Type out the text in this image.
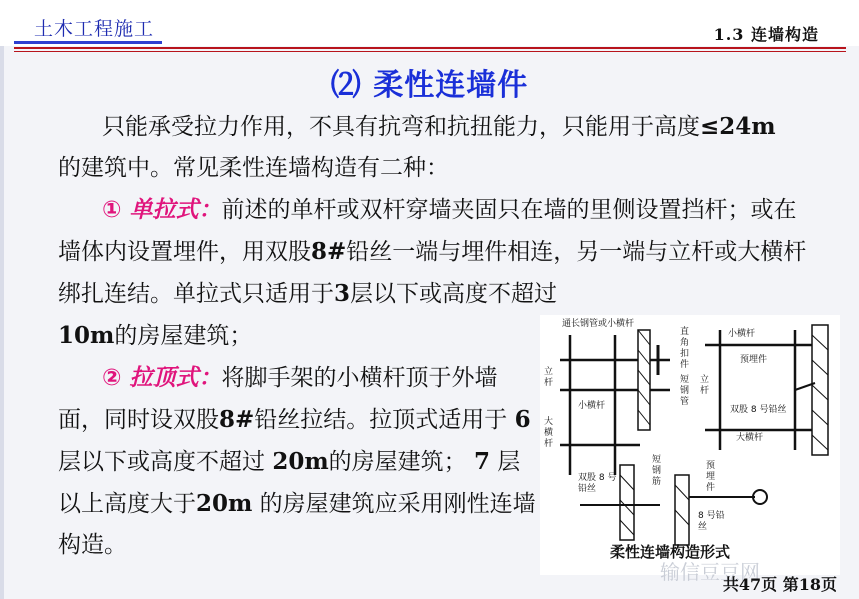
土木工程施工	1.3 连墙构造
⑵ 柔性连墙件
只能承受拉力作用，不具有抗弯和抗扭能力，只能用于高度≤24m的建筑中。常见柔性连墙构造有二种：
① 单拉式：前述的单杆或双杆穿墙夹固只在墙的里侧设置挡杆；或在墙体内设置埋件，用双股8#铅丝一端与埋件相连，另一端与立杆或大横杆绑扎连结。单拉式只适用于3层以下或高度不超过
10m的房屋建筑；
② 拉顶式：将脚手架的小横杆顶于外墙面，同时设双股8#铅丝拉结。拉顶式适用于 6层以下或高度不超过 20m的房屋建筑； 7 层以上高度大于20m 的房屋建筑应采用刚性连墙构造。
通长钢管或小横杆
立杆
小横杆
大横杆
直角扣件
短钢管
小横杆
预埋件
立杆
双股 8 号铅丝
大横杆
双股 8 号铅丝
短钢筋
预埋件
8 号铅丝
柔性连墙构造形式
输信豆豆网
共47页 第18页
